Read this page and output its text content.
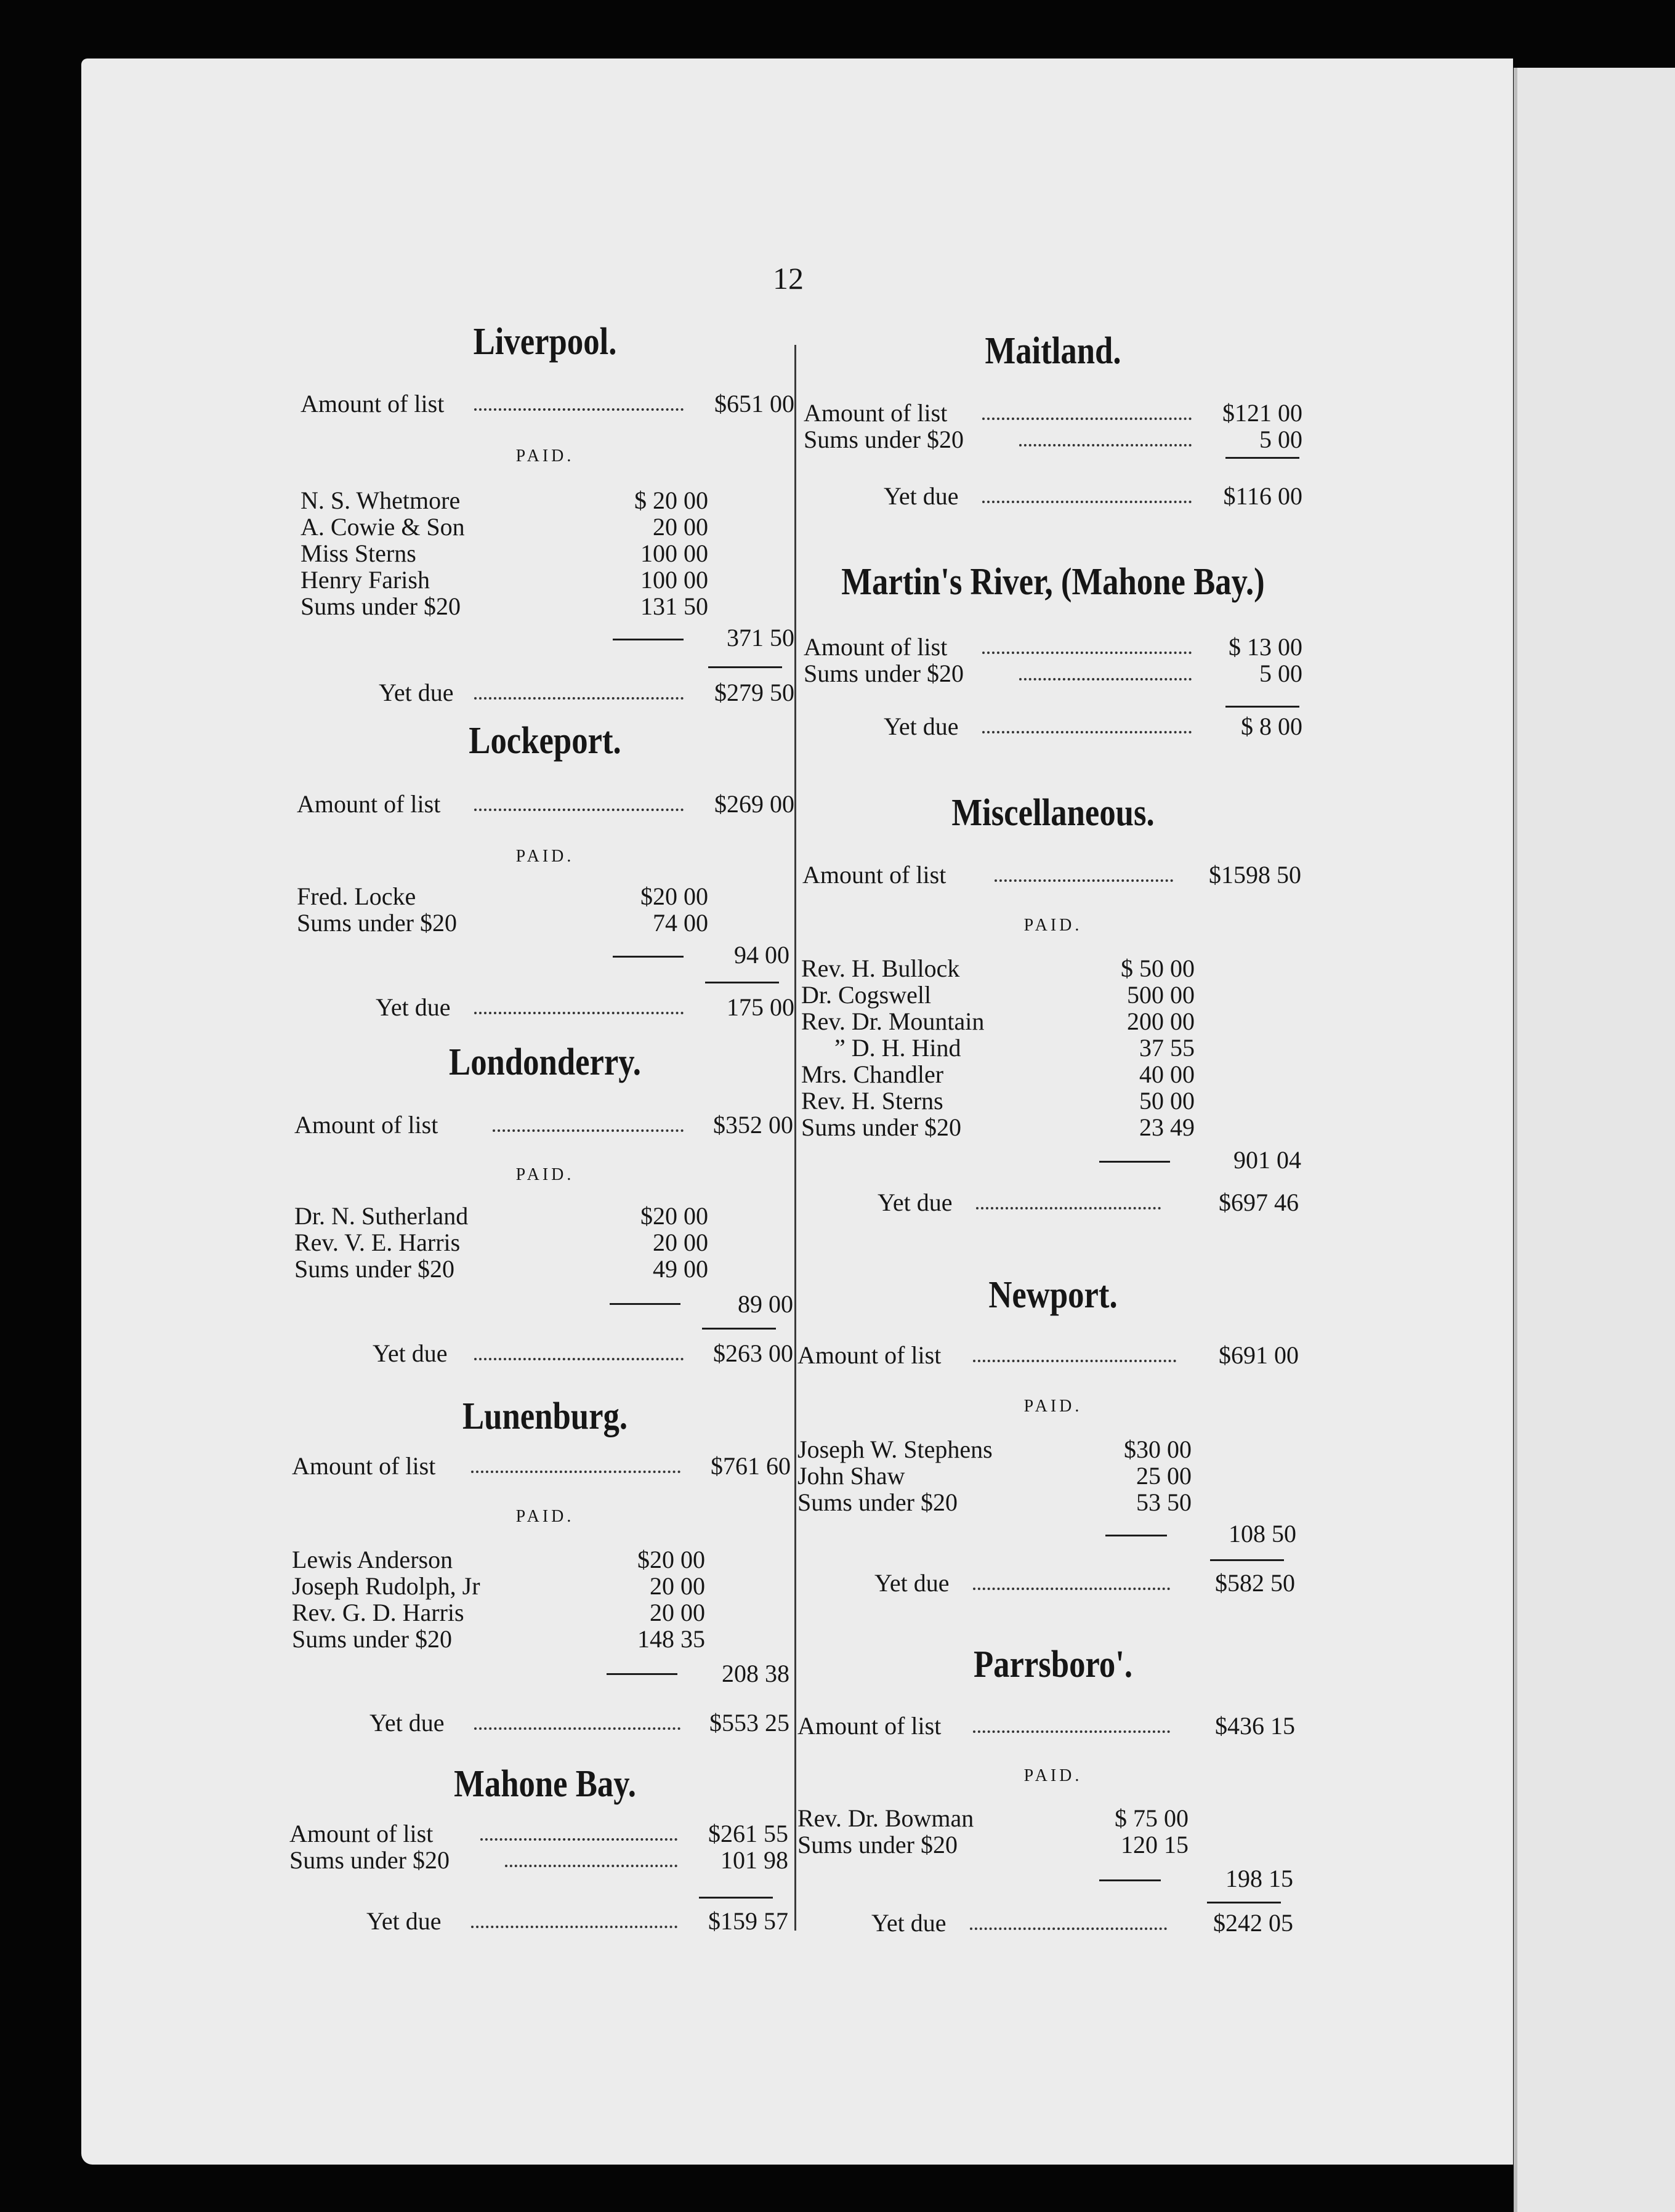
12
Liverpool.
Amount of list	$651 00
PAID.
N. S. Whetmore	$ 20 00
A. Cowie & Son	20 00
Miss Sterns	100 00
Henry Farish	100 00
Sums under $20	131 50
371 50
Yet due	$279 50
Lockeport.
Amount of list	$269 00
PAID.
Fred. Locke	$20 00
Sums under $20	74 00
94 00
Yet due	175 00
Londonderry.
Amount of list	$352 00
PAID.
Dr. N. Sutherland	$20 00
Rev. V. E. Harris	20 00
Sums under $20	49 00
89 00
Yet due	$263 00
Lunenburg.
Amount of list	$761 60
PAID.
Lewis Anderson	$20 00
Joseph Rudolph, Jr	20 00
Rev. G. D. Harris	20 00
Sums under $20	148 35
208 38
Yet due	$553 25
Mahone Bay.
Amount of list	$261 55
Sums under $20	101 98
Yet due	$159 57
Maitland.
Amount of list	$121 00
Sums under $20	5 00
Yet due	$116 00
Martin's River, (Mahone Bay.)
Amount of list	$ 13 00
Sums under $20	5 00
Yet due	$ 8 00
Miscellaneous.
Amount of list	$1598 50
PAID.
Rev. H. Bullock	$ 50 00
Dr. Cogswell	500 00
Rev. Dr. Mountain	200 00
” D. H. Hind	37 55
Mrs. Chandler	40 00
Rev. H. Sterns	50 00
Sums under $20	23 49
901 04
Yet due	$697 46
Newport.
Amount of list	$691 00
PAID.
Joseph W. Stephens	$30 00
John Shaw	25 00
Sums under $20	53 50
108 50
Yet due	$582 50
Parrsboro'.
Amount of list	$436 15
PAID.
Rev. Dr. Bowman	$ 75 00
Sums under $20	120 15
198 15
Yet due	$242 05
